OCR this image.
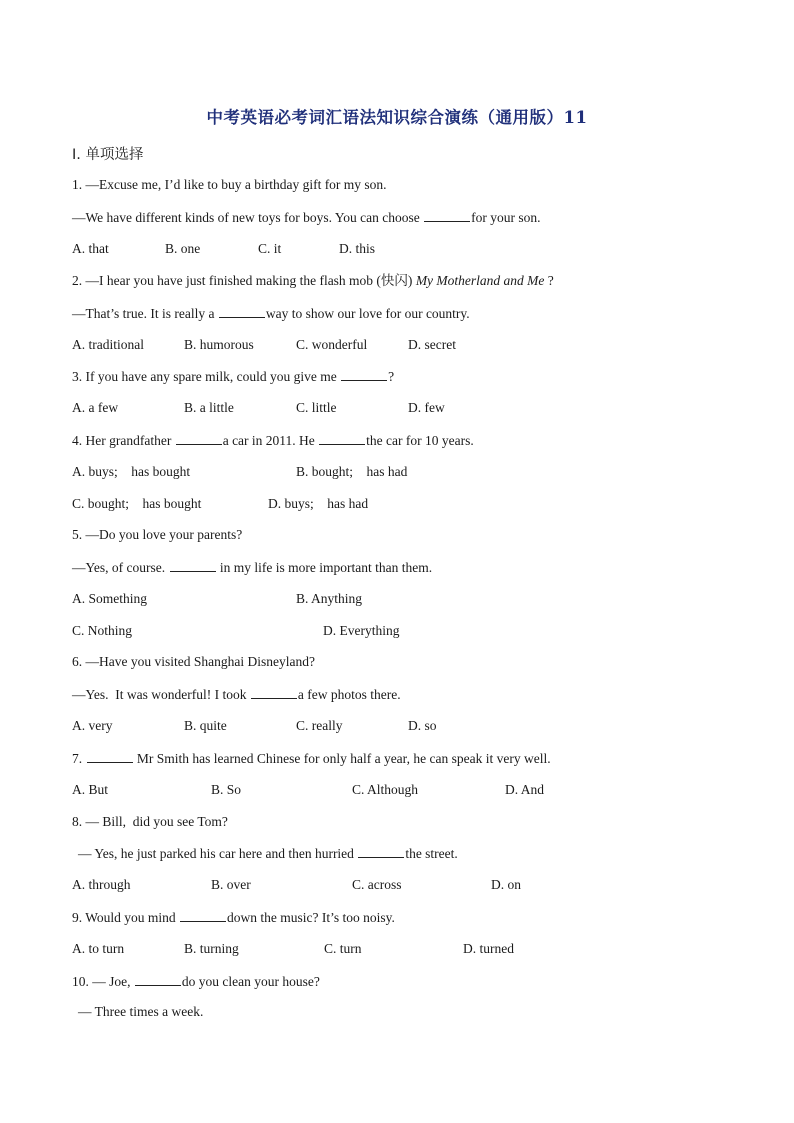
中考英语必考词汇语法知识综合演练（通用版）11
Ⅰ. 单项选择
1. —Excuse me, I’d like to buy a birthday gift for my son.
—We have different kinds of new toys for boys. You can choose	for your son.
A. that	B. one	C. it	D. this
2. —I hear you have just finished making the flash mob (快闪) My Motherland and Me ?
—That’s true. It is really a	way to show our love for our country.
A. traditional	B. humorous	C. wonderful	D. secret
3. If you have any spare milk, could you give me	?
A. a few	B. a little	C. little	D. few
4. Her grandfather	a car in 2011. He	the car for 10 years.
A. buys;    has bought	B. bought;    has had
C. bought;    has bought	D. buys;    has had
5. —Do you love your parents?
—Yes, of course.	in my life is more important than them.
A. Something	B. Anything
C. Nothing	D. Everything
6. —Have you visited Shanghai Disneyland?
—Yes.  It was wonderful! I took	a few photos there.
A. very	B. quite	C. really	D. so
7.	Mr Smith has learned Chinese for only half a year, he can speak it very well.
A. But	B. So	C. Although	D. And
8. — Bill,  did you see Tom?
— Yes, he just parked his car here and then hurried	the street.
A. through	B. over	C. across	D. on
9. Would you mind	down the music? It’s too noisy.
A. to turn	B. turning	C. turn	D. turned
10. — Joe,	do you clean your house?
— Three times a week.
